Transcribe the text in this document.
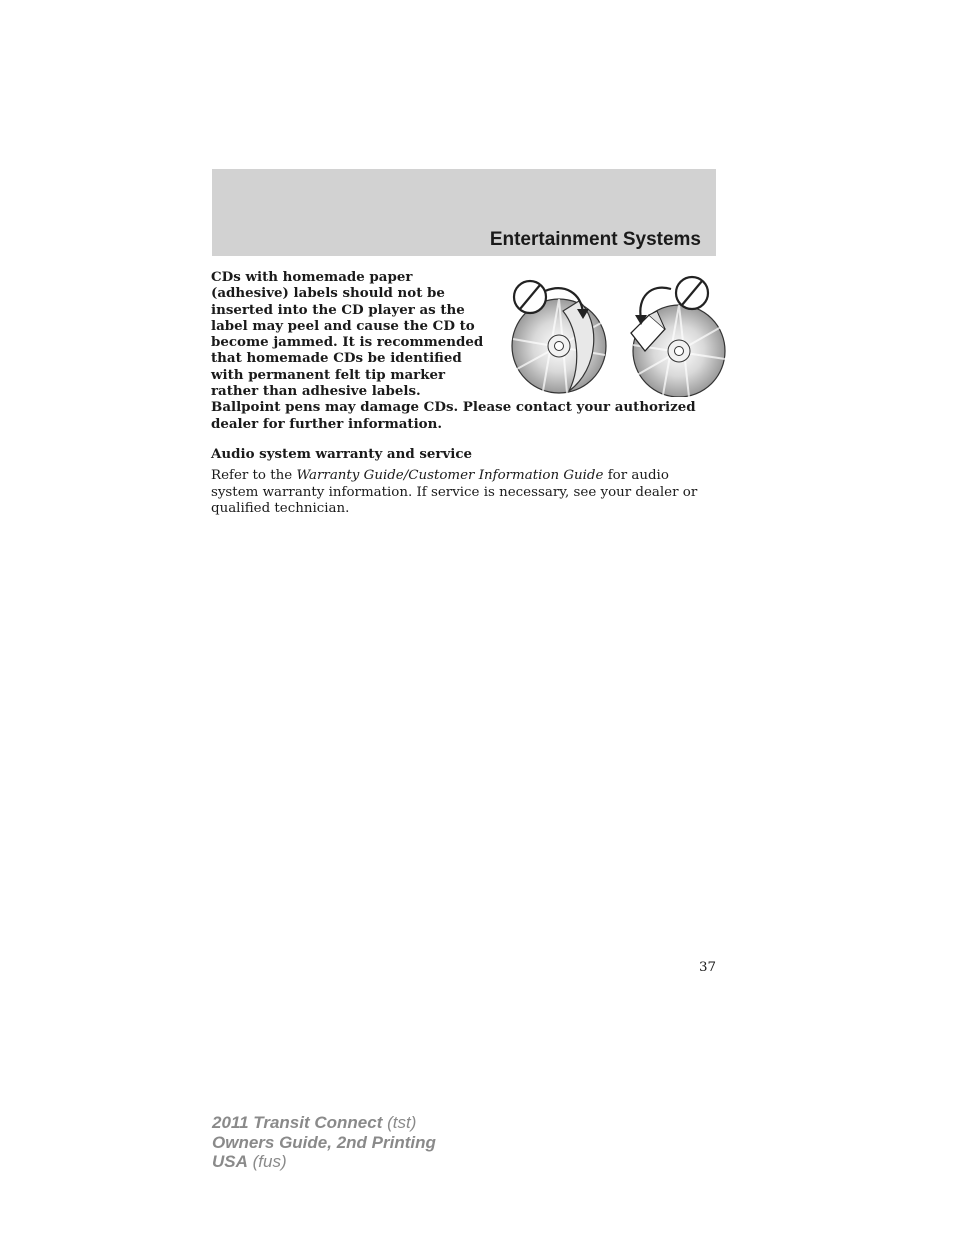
Entertainment Systems

CDs with homemade paper (adhesive) labels should not be inserted into the CD player as the label may peel and cause the CD to become jammed. It is recommended that homemade CDs be identified with permanent felt tip marker rather than adhesive labels. Ballpoint pens may damage CDs. Please contact your authorized dealer for further information.

Audio system warranty and service

Refer to the Warranty Guide/Customer Information Guide for audio system warranty information. If service is necessary, see your dealer or qualified technician.

37
2011 Transit Connect (tst)
Owners Guide, 2nd Printing
USA (fus)
